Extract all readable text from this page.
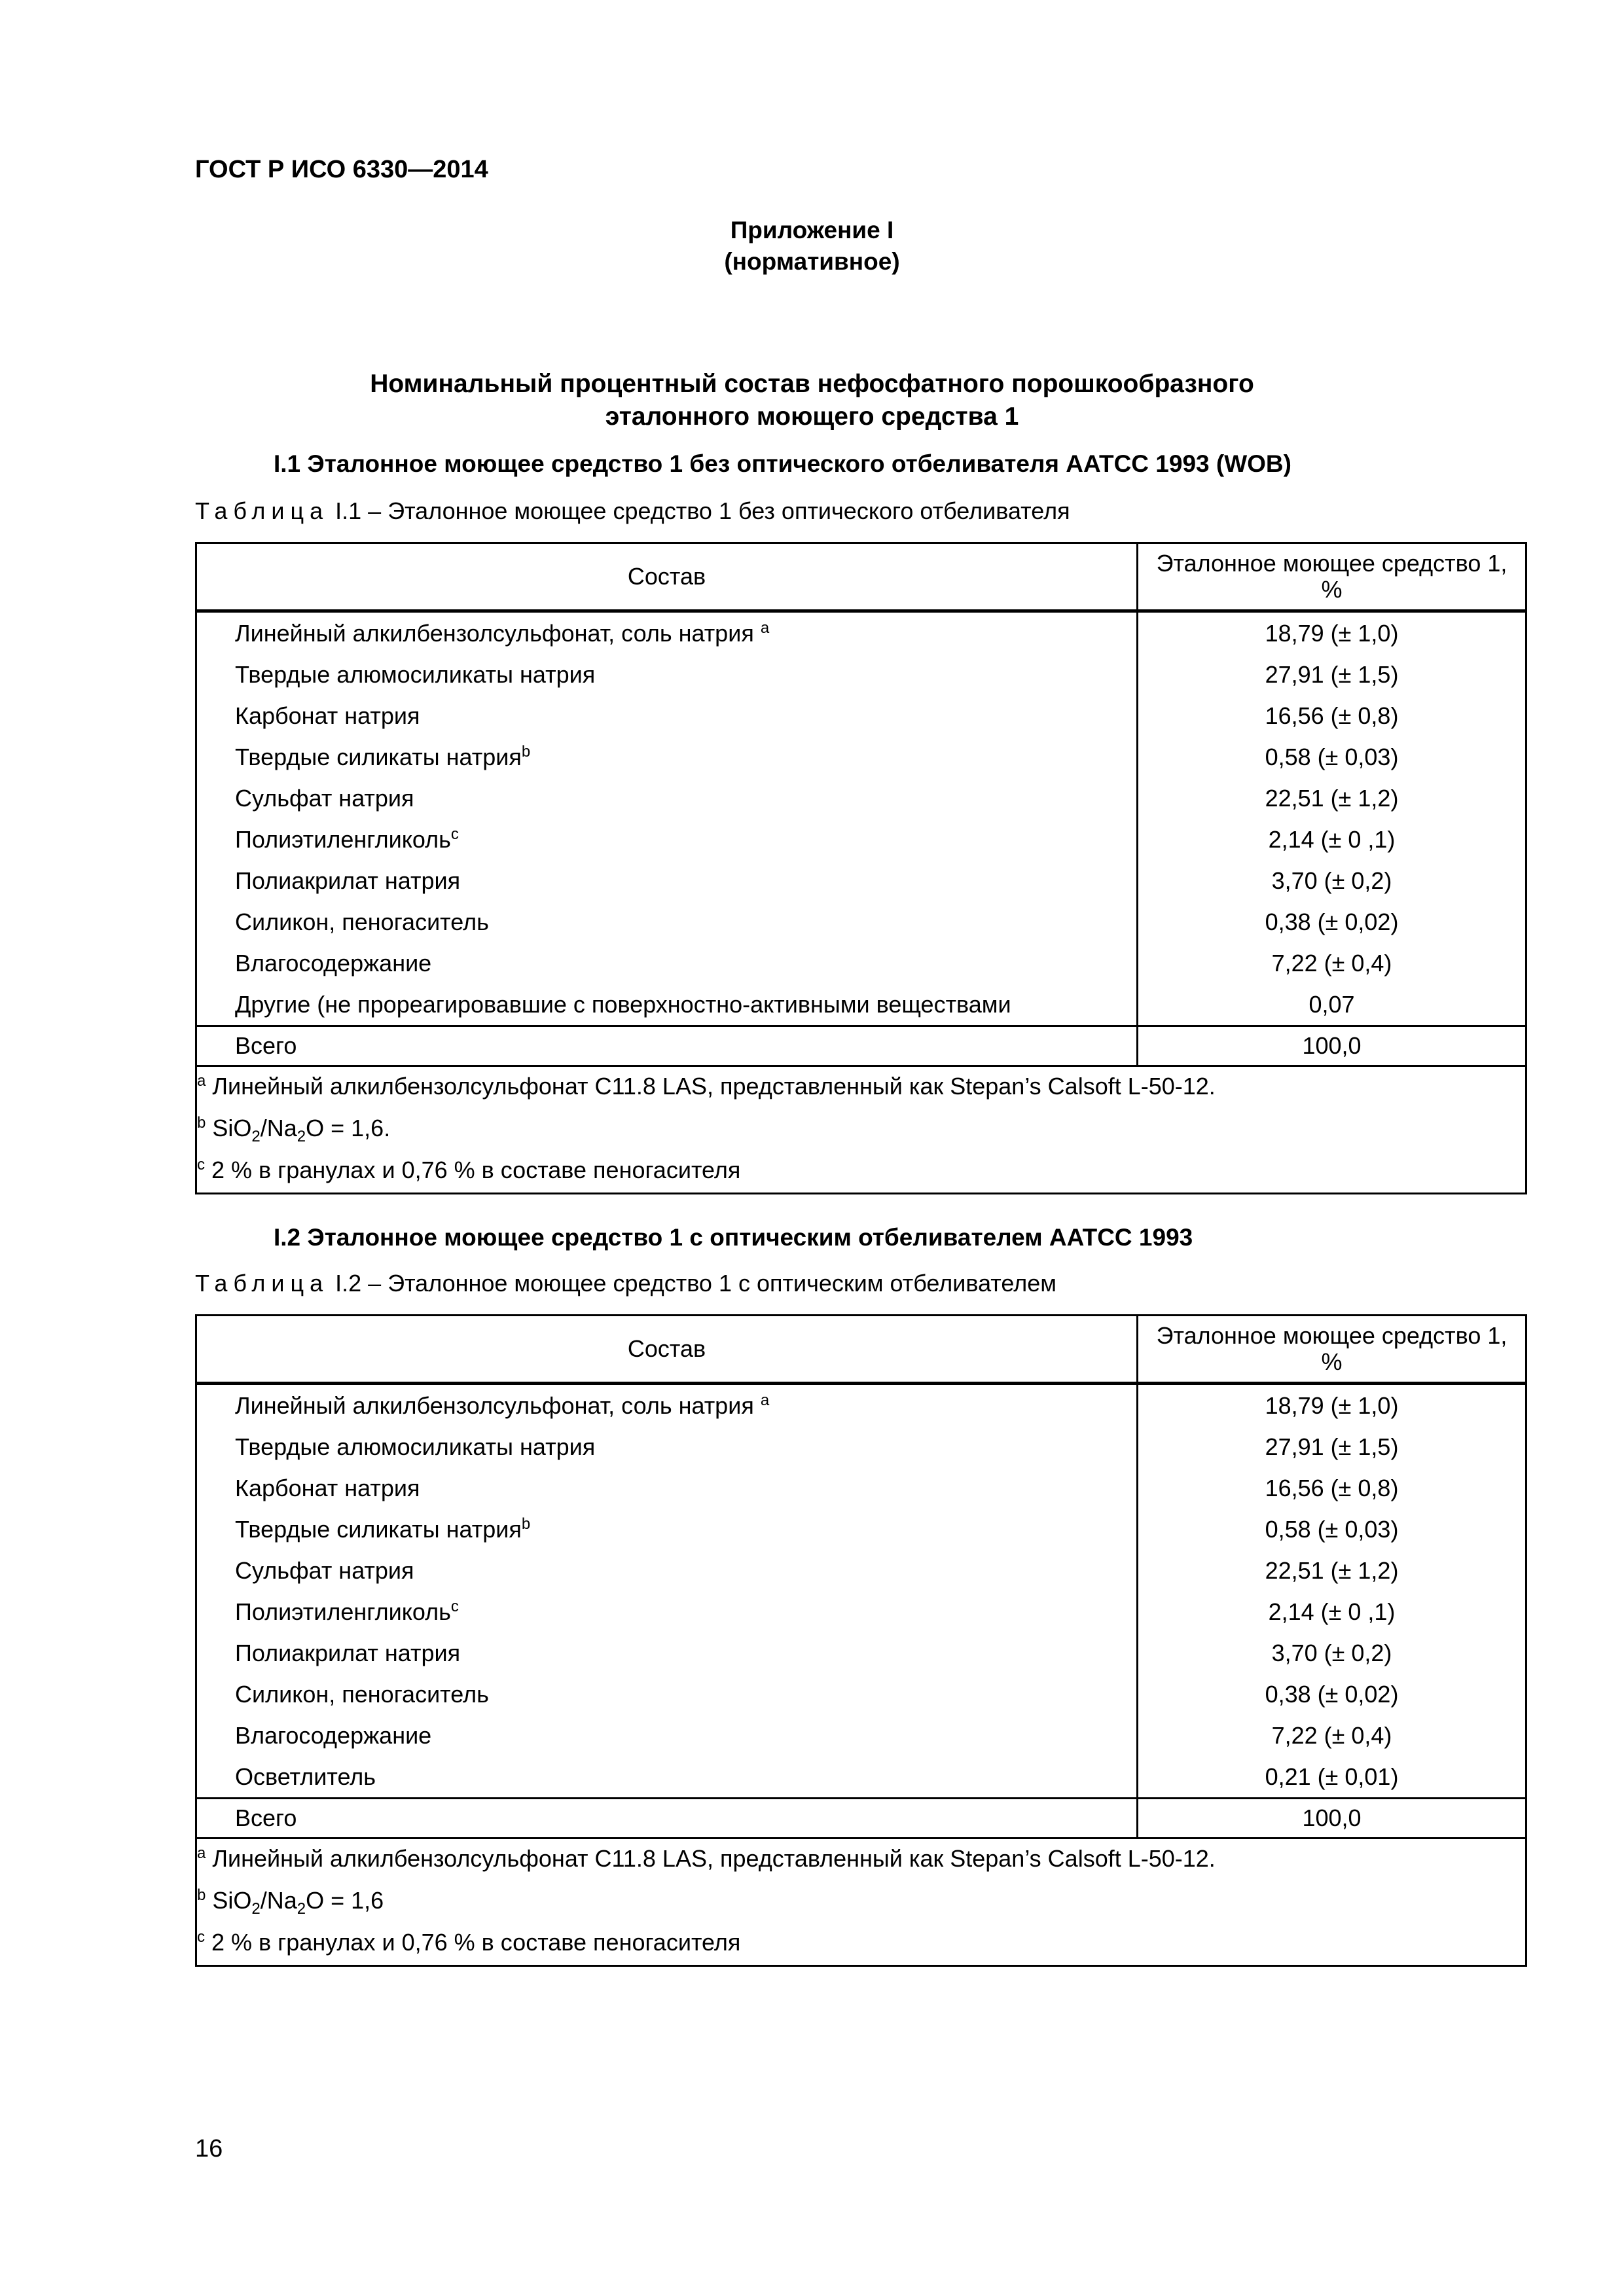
ГОСТ Р ИСО 6330—2014
Приложение I
(нормативное)
Номинальный процентный состав нефосфатного порошкообразного
эталонного моющего средства 1
I.1 Эталонное моющее средство 1 без оптического отбеливателя AATCC 1993 (WOB)
Таблица I.1 – Эталонное моющее средство 1 без оптического отбеливателя
Состав	Эталонное моющее средство 1,
%
Линейный алкилбензолсульфонат, соль натрия $^a$	18,79 (± 1,0)
Твердые алюмосиликаты натрия	27,91 (± 1,5)
Карбонат натрия	16,56 (± 0,8)
Твердые силикаты натрия$^b$	0,58 (± 0,03)
Сульфат натрия	22,51 (± 1,2)
Полиэтиленгликоль$^c$	2,14 (± 0 ,1)
Полиакрилат натрия	3,70 (± 0,2)
Силикон, пеногаситель	0,38 (± 0,02)
Влагосодержание	7,22 (± 0,4)
Другие (не прореагировавшие с поверхностно-активными веществами	0,07
Всего	100,0

$^a$ Линейный алкилбензолсульфонат С11.8 LAS, представленный как Stepan’s Calsoft L-50-12.
$^b$ $SiO_2/Na_2O = 1,6$.
$^c$ 2 % в гранулах и 0,76 % в составе пеногасителя	
I.2 Эталонное моющее средство 1 с оптическим отбеливателем AATCC 1993
Таблица I.2 – Эталонное моющее средство 1 с оптическим отбеливателем
Состав	Эталонное моющее средство 1,
%
Линейный алкилбензолсульфонат, соль натрия $^a$	18,79 (± 1,0)
Твердые алюмосиликаты натрия	27,91 (± 1,5)
Карбонат натрия	16,56 (± 0,8)
Твердые силикаты натрия$^b$	0,58 (± 0,03)
Сульфат натрия	22,51 (± 1,2)
Полиэтиленгликоль$^c$	2,14 (± 0 ,1)
Полиакрилат натрия	3,70 (± 0,2)
Силикон, пеногаситель	0,38 (± 0,02)
Влагосодержание	7,22 (± 0,4)
Осветлитель	0,21 (± 0,01)
Всего	100,0

$^a$ Линейный алкилбензолсульфонат С11.8 LAS, представленный как Stepan’s Calsoft L-50-12.
$^b$ $SiO_2/Na_2O = 1,6$
$^c$ 2 % в гранулах и 0,76 % в составе пеногасителя	
16
